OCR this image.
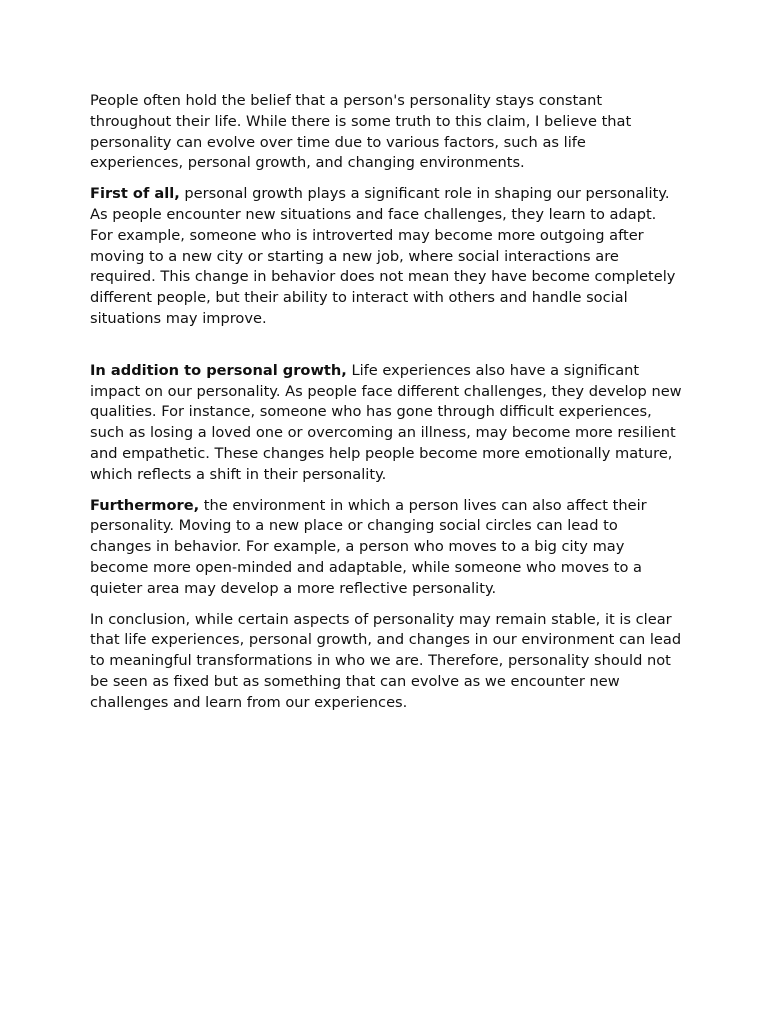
People often hold the belief that a person's personality stays constant throughout their life. While there is some truth to this claim, I believe that personality can evolve over time due to various factors, such as life experiences, personal growth, and changing environments.

First of all, personal growth plays a significant role in shaping our personality. As people encounter new situations and face challenges, they learn to adapt. For example, someone who is introverted may become more outgoing after moving to a new city or starting a new job, where social interactions are required. This change in behavior does not mean they have become completely different people, but their ability to interact with others and handle social situations may improve.

In addition to personal growth, Life experiences also have a significant impact on our personality. As people face different challenges, they develop new qualities. For instance, someone who has gone through difficult experiences, such as losing a loved one or overcoming an illness, may become more resilient and empathetic. These changes help people become more emotionally mature, which reflects a shift in their personality.

Furthermore, the environment in which a person lives can also affect their personality. Moving to a new place or changing social circles can lead to changes in behavior. For example, a person who moves to a big city may become more open-minded and adaptable, while someone who moves to a quieter area may develop a more reflective personality.

In conclusion, while certain aspects of personality may remain stable, it is clear that life experiences, personal growth, and changes in our environment can lead to meaningful transformations in who we are. Therefore, personality should not be seen as fixed but as something that can evolve as we encounter new challenges and learn from our experiences.
